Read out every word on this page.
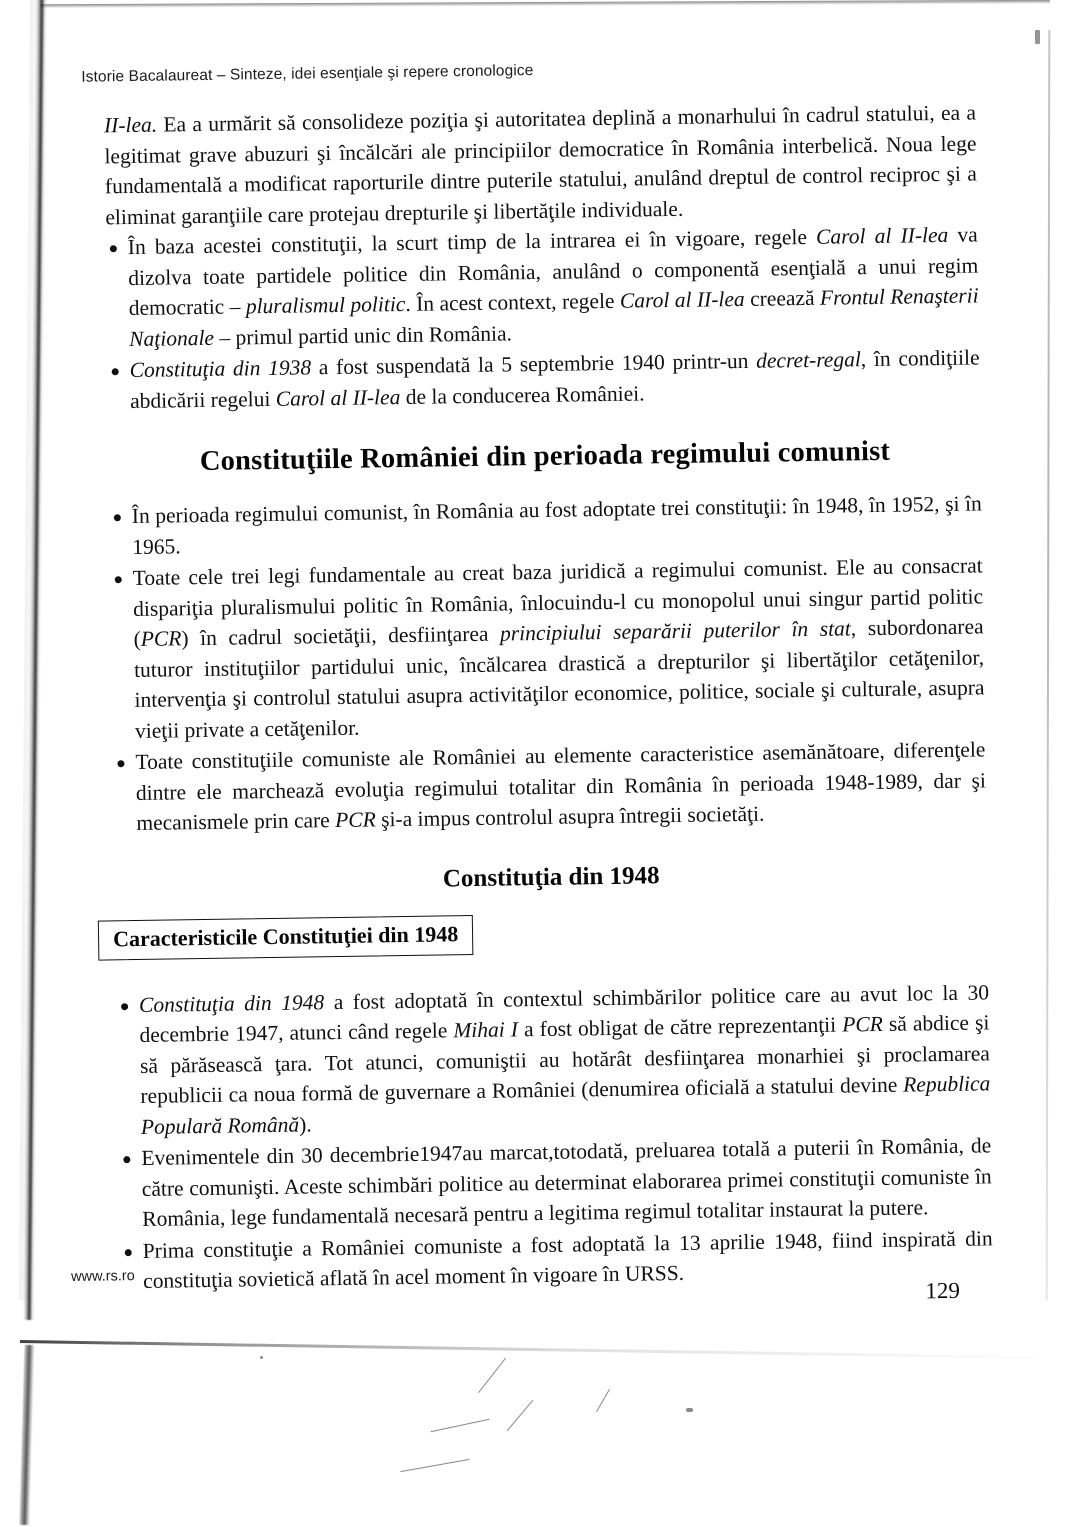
Istorie Bacalaureat – Sinteze, idei esenţiale şi repere cronologice

II-lea. Ea a urmărit să consolideze poziţia şi autoritatea deplină a monarhului în cadrul statului, ea a legitimat grave abuzuri şi încălcări ale principiilor democratice în România interbelică. Noua lege fundamentală a modificat raporturile dintre puterile statului, anulând dreptul de control reciproc şi a eliminat garanţiile care protejau drepturile şi libertăţile individuale.

În baza acestei constituţii, la scurt timp de la intrarea ei în vigoare, regele Carol al II-lea va dizolva toate partidele politice din România, anulând o componentă esenţială a unui regim democratic – pluralismul politic. În acest context, regele Carol al II-lea creează Frontul Renaşterii Naţionale – primul partid unic din România.
Constituţia din 1938 a fost suspendată la 5 septembrie 1940 printr-un decret-regal, în condiţiile abdicării regelui Carol al II-lea de la conducerea României.
Constituţiile României din perioada regimului comunist
În perioada regimului comunist, în România au fost adoptate trei constituţii: în 1948, în 1952, şi în 1965.
Toate cele trei legi fundamentale au creat baza juridică a regimului comunist. Ele au consacrat dispariţia pluralismului politic în România, înlocuindu-l cu monopolul unui singur partid politic (PCR) în cadrul societăţii, desfiinţarea principiului separării puterilor în stat, subordonarea tuturor instituţiilor partidului unic, încălcarea drastică a drepturilor şi libertăţilor cetăţenilor, intervenţia şi controlul statului asupra activităţilor economice, politice, sociale şi culturale, asupra vieţii private a cetăţenilor.
Toate constituţiile comuniste ale României au elemente caracteristice asemănătoare, diferenţele dintre ele marchează evoluţia regimului totalitar din România în perioada 1948-1989, dar şi mecanismele prin care PCR şi-a impus controlul asupra întregii societăţi.
Constituţia din 1948
Caracteristicile Constituţiei din 1948
Constituţia din 1948 a fost adoptată în contextul schimbărilor politice care au avut loc la 30 decembrie 1947, atunci când regele Mihai I a fost obligat de către reprezentanţii PCR să abdice şi să părăsească ţara. Tot atunci, comuniştii au hotărât desfiinţarea monarhiei şi proclamarea republicii ca noua formă de guvernare a României (denumirea oficială a statului devine Republica Populară Română).
Evenimentele din 30 decembrie1947au marcat,totodată, preluarea totală a puterii în România, de către comunişti. Aceste schimbări politice au determinat elaborarea primei constituţii comuniste în România, lege fundamentală necesară pentru a legitima regimul totalitar instaurat la putere.
Prima constituţie a României comuniste a fost adoptată la 13 aprilie 1948, fiind inspirată din constituţia sovietică aflată în acel moment în vigoare în URSS.
www.rs.ro
129
